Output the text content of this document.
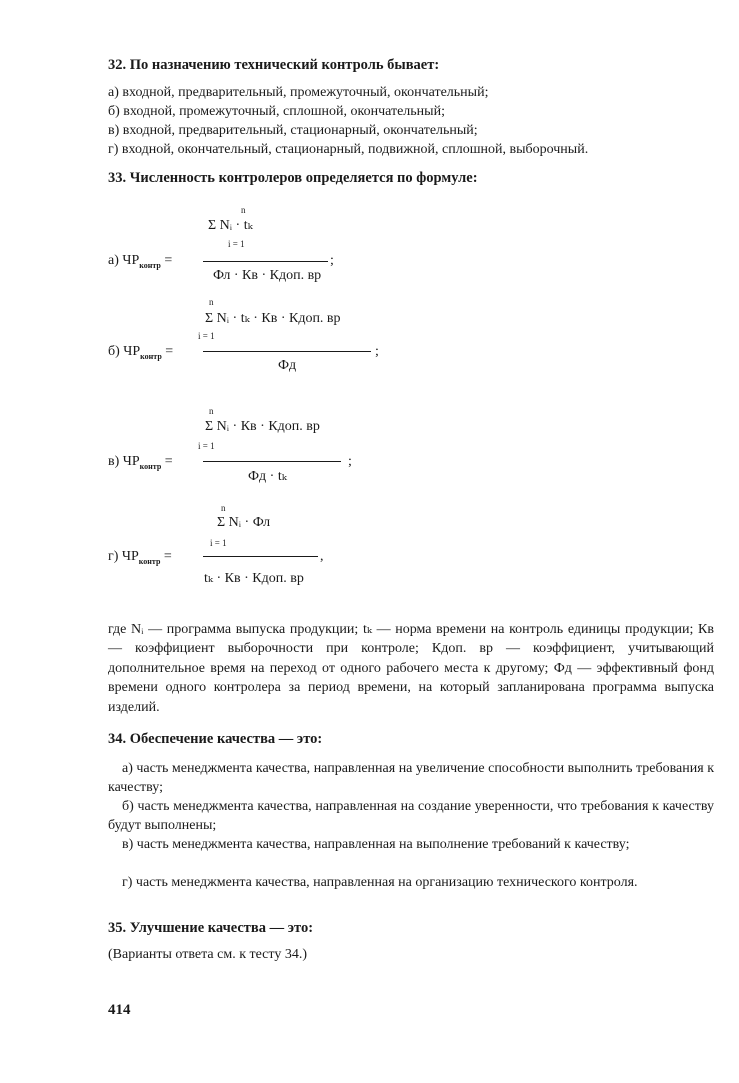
32. По назначению технический контроль бывает:
а) входной, предварительный, промежуточный, окончательный;
б) входной, промежуточный, сплошной, окончательный;
в) входной, предварительный, стационарный, окончательный;
г) входной, окончательный, стационарный, подвижной, сплошной, выборочный.
33. Численность контролеров определяется по формуле:
n
Σ Nᵢ · tₖ
i = 1
а) $ЧР_{контр}$ =	;
Фл · Кв · Кдоп. вр
n
Σ Nᵢ · tₖ · Кв · Кдоп. вр
i = 1
б) $ЧР_{контр}$ =	;
Фд
n
Σ Nᵢ · Кв · Кдоп. вр
i = 1
в) $ЧР_{контр}$ =	;
Фд · tₖ
n
Σ Nᵢ · Фл
i = 1
г) $ЧР_{контр}$ =	,
tₖ · Кв · Кдоп. вр
где Nᵢ — программа выпуска продукции; tₖ — норма времени на контроль единицы продукции; Кв — коэффициент выборочности при контроле; Кдоп. вр — коэффициент, учитывающий дополнительное время на переход от одного рабочего места к другому; Фд — эффективный фонд времени одного контролера за период времени, на который запланирована программа выпуска изделий.
34. Обеспечение качества — это:
а) часть менеджмента качества, направленная на увеличение способности выполнить требования к качеству;
б) часть менеджмента качества, направленная на создание уверенности, что требования к качеству будут выполнены;
в) часть менеджмента качества, направленная на выполнение требований к качеству;
г) часть менеджмента качества, направленная на организацию технического контроля.
35. Улучшение качества — это:
(Варианты ответа см. к тесту 34.)
414
